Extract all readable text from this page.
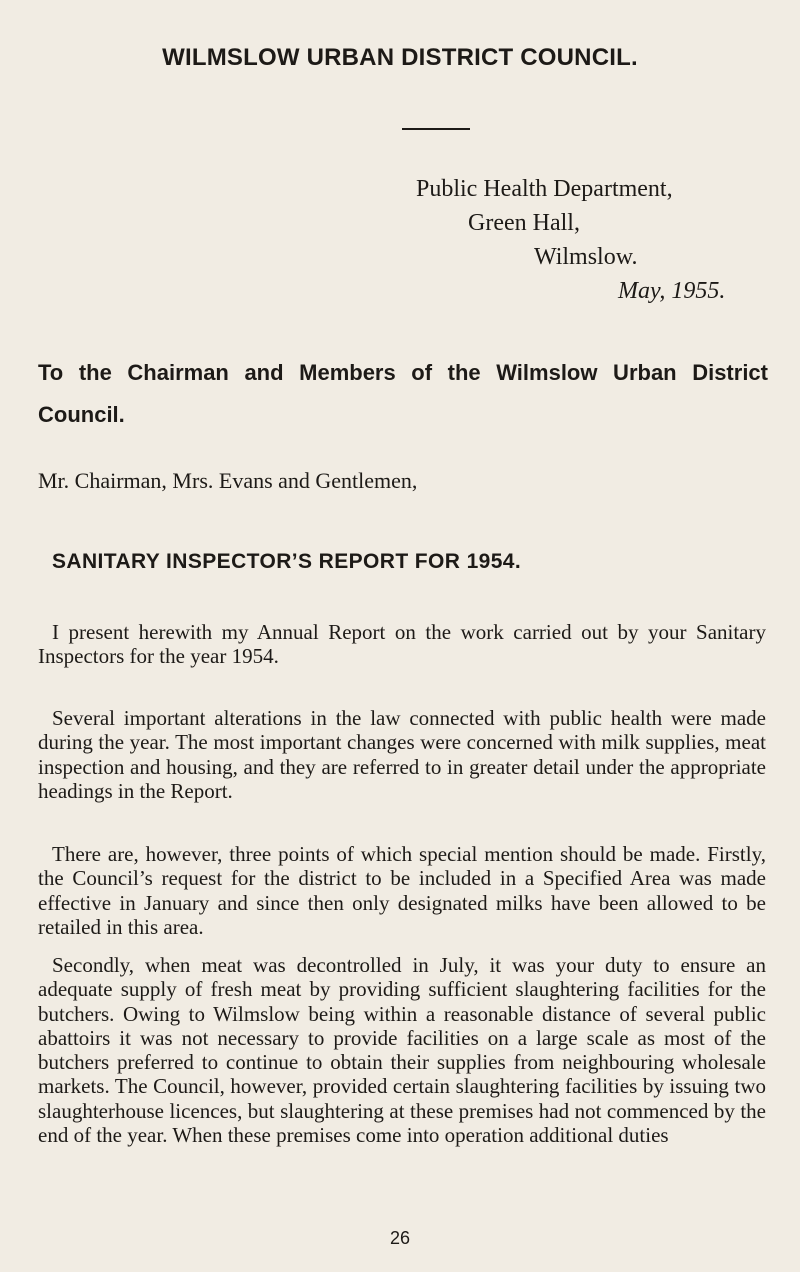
WILMSLOW URBAN DISTRICT COUNCIL.
Public Health Department,
Green Hall,
Wilmslow.
May, 1955.
To the Chairman and Members of the Wilmslow Urban District Council.
Mr. Chairman, Mrs. Evans and Gentlemen,
SANITARY INSPECTOR’S REPORT FOR 1954.
I present herewith my Annual Report on the work carried out by your Sanitary Inspectors for the year 1954.
Several important alterations in the law connected with public health were made during the year. The most important changes were concerned with milk supplies, meat inspection and housing, and they are referred to in greater detail under the appropriate headings in the Report.
There are, however, three points of which special mention should be made. Firstly, the Council’s request for the district to be included in a Specified Area was made effective in January and since then only designated milks have been allowed to be retailed in this area.
Secondly, when meat was decontrolled in July, it was your duty to ensure an adequate supply of fresh meat by providing sufficient slaughtering facilities for the butchers. Owing to Wilmslow being within a reasonable distance of several public abattoirs it was not necessary to provide facilities on a large scale as most of the butchers preferred to continue to obtain their supplies from neighbouring wholesale markets. The Council, however, provided certain slaughtering facilities by issuing two slaughterhouse licences, but slaughtering at these premises had not commenced by the end of the year. When these premises come into operation additional duties
26
